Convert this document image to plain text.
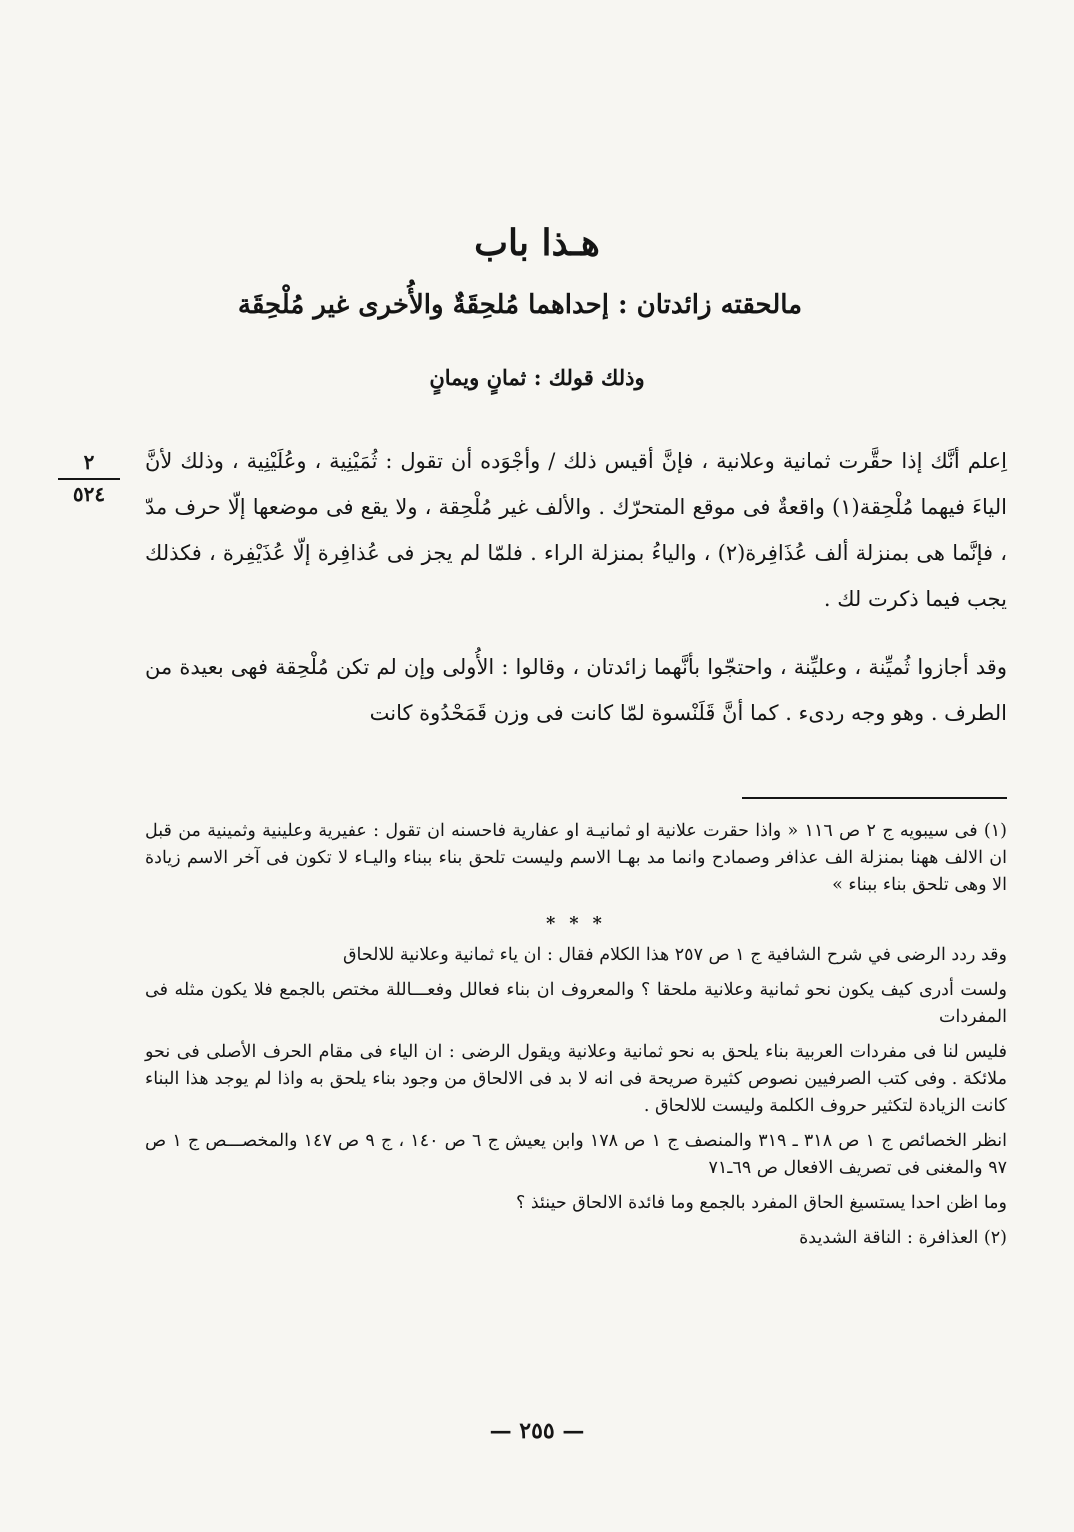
هـذا باب
مالحقته زائدتان : إحداهما مُلحِقَةٌ والأُخرى غير مُلْحِقَة
وذلك قولك : ثمانٍ ويمانٍ
٢
٥٢٤

اِعلم أنَّك إذا حقَّرت ثمانية وعلانية ، فإنَّ أقيس ذلك / وأجْوَده أن تقول : ثُمَيْنِية ، وعُلَيْنِية ، وذلك لأنَّ الياءَ فيهما مُلْحِقة(١) واقعةٌ فى موقع المتحرّك . والألف غير مُلْحِقة ، ولا يقع فى موضعها إلّا حرف مدّ ، فإنَّما هى بمنزلة ألف عُذَافِرة(٢) ، والياءُ بمنزلة الراء . فلمّا لم يجز فى عُذافِرة إلّا عُذَيْفِرة ، فكذلك يجب فيما ذكرت لك .

وقد أجازوا ثُميِّنة ، وعليِّنة ، واحتجّوا بأنَّهما زائدتان ، وقالوا : الأُولى وإن لم تكن مُلْحِقة فهى بعيدة من الطرف . وهو وجه ردىء . كما أنَّ قَلَنْسوة لمّا كانت فى وزن قَمَحْدُوة كانت

(١) فى سيبويه ج ٢ ص ١١٦ « واذا حقرت علانية او ثمانيـة او عفارية فاحسنه ان تقول : عفيرية وعلينية وثمينية من قبل ان الالف ههنا بمنزلة الف عذافر وصمادح وانما مد بهـا الاسم وليست تلحق بناء ببناء واليـاء لا تكون فى آخر الاسم زيادة الا وهى تلحق بناء ببناء »

* * *

وقد ردد الرضى في شرح الشافية ج ١ ص ٢٥٧ هذا الكلام فقال : ان ياء ثمانية وعلانية للالحاق

ولست أدرى كيف يكون نحو ثمانية وعلانية ملحقا ؟ والمعروف ان بناء فعالل وفعـــاللة مختص بالجمع فلا يكون مثله فى المفردات

فليس لنا فى مفردات العربية بناء يلحق به نحو ثمانية وعلانية ويقول الرضى : ان الياء فى مقام الحرف الأصلى فى نحو ملائكة . وفى كتب الصرفيين نصوص كثيرة صريحة فى انه لا بد فى الالحاق من وجود بناء يلحق به واذا لم يوجد هذا البناء كانت الزيادة لتكثير حروف الكلمة وليست للالحاق .

انظر الخصائص ج ١ ص ٣١٨ ـ ٣١٩ والمنصف ج ١ ص ١٧٨ وابن يعيش ج ٦ ص ١٤٠ ، ج ٩ ص ١٤٧ والمخصـــص ج ١ ص ٩٧ والمغنى فى تصريف الافعال ص ٦٩ـ٧١

وما اظن احدا يستسيغ الحاق المفرد بالجمع وما فائدة الالحاق حينئذ ؟

(٢) العذافرة : الناقة الشديدة

— ٢٥٥ —
